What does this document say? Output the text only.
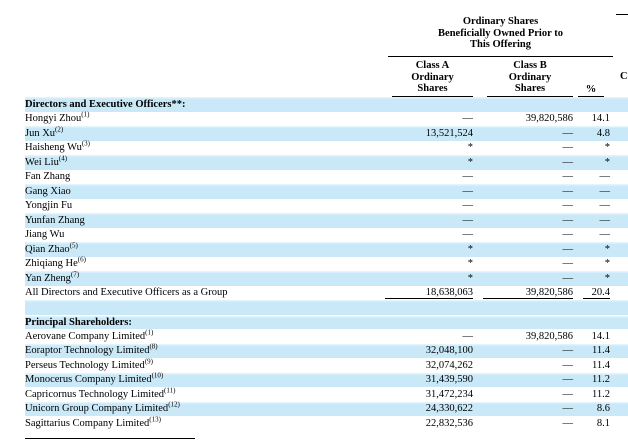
Ordinary Shares
Beneficially Owned Prior to
This Offering
Class A
Ordinary
Shares
Class B
Ordinary
Shares	%
C
Directors and Executive Officers**:
Hongyi Zhou$^{(1)}$	—	39,820,586	14.1
Jun Xu$^{(2)}$	13,521,524	—	4.8
Haisheng Wu$^{(3)}$	*	—	*
Wei Liu$^{(4)}$	*	—	*
Fan Zhang	—	—	—
Gang Xiao	—	—	—
Yongjin Fu	—	—	—
Yunfan Zhang	—	—	—
Jiang Wu	—	—	—
Qian Zhao$^{(5)}$	*	—	*
Zhiqiang He$^{(6)}$	*	—	*
Yan Zheng$^{(7)}$	*	—	*
All Directors and Executive Officers as a Group	18,638,063	39,820,586	20.4
Principal Shareholders:
Aerovane Company Limited$^{(1)}$	—	39,820,586	14.1
Eoraptor Technology Limited$^{(8)}$	32,048,100	—	11.4
Perseus Technology Limited$^{(9)}$	32,074,262	—	11.4
Monocerus Company Limited$^{(10)}$	31,439,590	—	11.2
Capricornus Technology Limited$^{(11)}$	31,472,234	—	11.2
Unicorn Group Company Limited$^{(12)}$	24,330,622	—	8.6
Sagittarius Company Limited$^{(13)}$	22,832,536	—	8.1
